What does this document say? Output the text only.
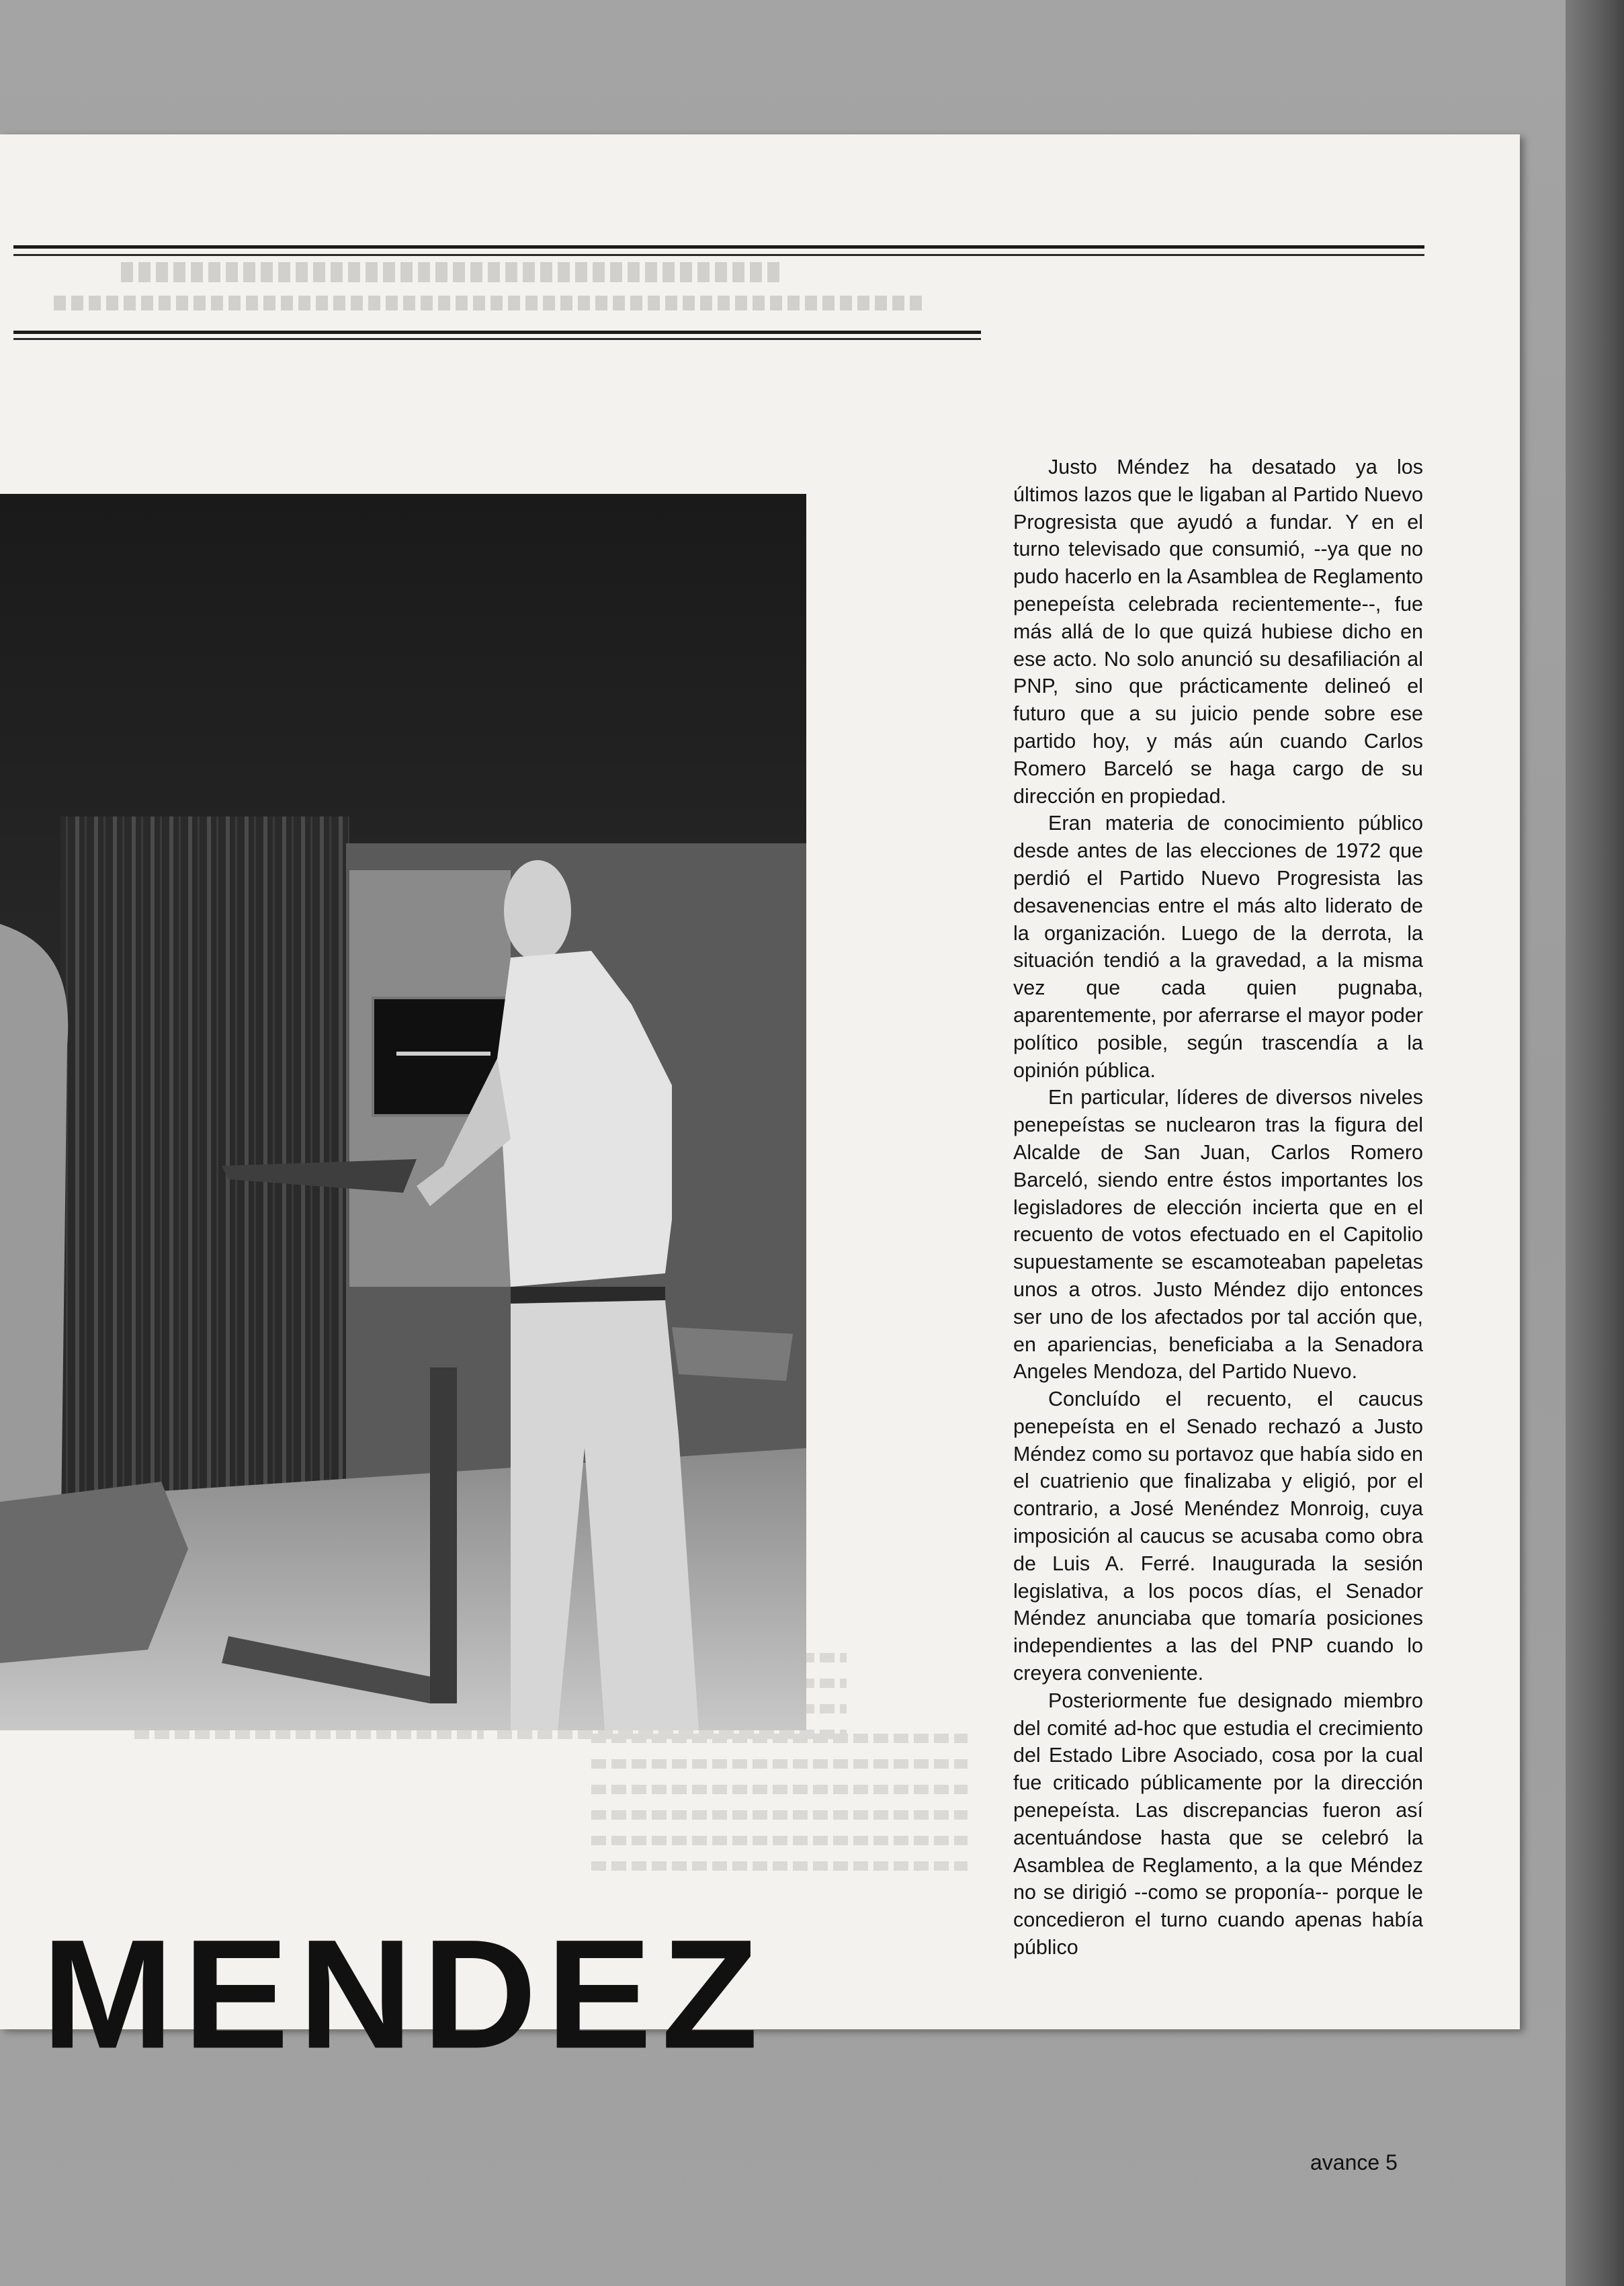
MENDEZ

Justo Méndez ha desatado ya los últimos lazos que le ligaban al Partido Nuevo Progresista que ayudó a fundar. Y en el turno televisado que consumió, --ya que no pudo hacerlo en la Asamblea de Reglamento penepeísta celebrada recientemente--, fue más allá de lo que quizá hubiese dicho en ese acto. No solo anunció su desafiliación al PNP, sino que prácticamente delineó el futuro que a su juicio pende sobre ese partido hoy, y más aún cuando Carlos Romero Barceló se haga cargo de su dirección en propiedad.

Eran materia de conocimiento público desde antes de las elecciones de 1972 que perdió el Partido Nuevo Progresista las desavenencias entre el más alto liderato de la organización. Luego de la derrota, la situación tendió a la gravedad, a la misma vez que cada quien pugnaba, aparentemente, por aferrarse el mayor poder político posible, según trascendía a la opinión pública.

En particular, líderes de diversos niveles penepeístas se nuclearon tras la figura del Alcalde de San Juan, Carlos Romero Barceló, siendo entre éstos importantes los legisladores de elección incierta que en el recuento de votos efectuado en el Capitolio supuestamente se escamoteaban papeletas unos a otros. Justo Méndez dijo entonces ser uno de los afectados por tal acción que, en apariencias, beneficiaba a la Senadora Angeles Mendoza, del Partido Nuevo.

Concluído el recuento, el caucus penepeísta en el Senado rechazó a Justo Méndez como su portavoz que había sido en el cuatrienio que finalizaba y eligió, por el contrario, a José Menéndez Monroig, cuya imposición al caucus se acusaba como obra de Luis A. Ferré. Inaugurada la sesión legislativa, a los pocos días, el Senador Méndez anunciaba que tomaría posiciones independientes a las del PNP cuando lo creyera conveniente.

Posteriormente fue designado miembro del comité ad-hoc que estudia el crecimiento del Estado Libre Asociado, cosa por la cual fue criticado públicamente por la dirección penepeísta. Las discrepancias fueron así acentuándose hasta que se celebró la Asamblea de Reglamento, a la que Méndez no se dirigió --como se proponía-- porque le concedieron el turno cuando apenas había público

avance 5
